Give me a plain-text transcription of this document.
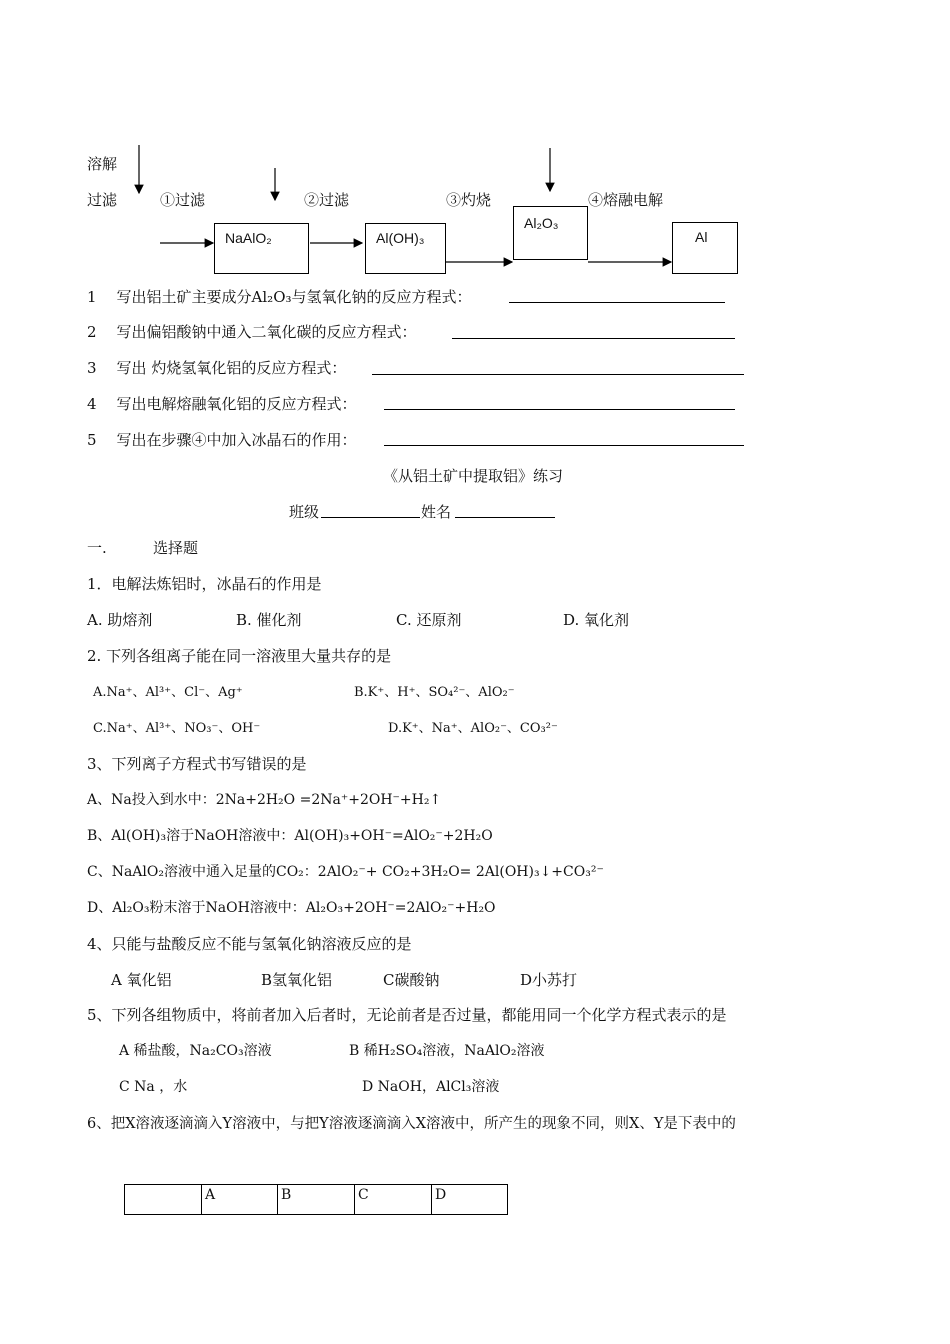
溶解
过滤	①过滤	②过滤	③灼烧	④熔融电解
NaAlO₂	Al(OH)₃
Al₂O₃
Al
1 写出铝土矿主要成分Al₂O₃与氢氧化钠的反应方程式：
2 写出偏铝酸钠中通入二氧化碳的反应方程式：
3 写出 灼烧氢氧化铝的反应方程式：
4 写出电解熔融氧化铝的反应方程式：
5 写出在步骤④中加入冰晶石的作用：
《从铝土矿中提取铝》练习
班级	姓名
一.	选择题
1．电解法炼铝时，冰晶石的作用是
A. 助熔剂	B. 催化剂	C. 还原剂	D. 氧化剂
2. 下列各组离子能在同一溶液里大量共存的是
A.Na⁺、Al³⁺、Cl⁻、Ag⁺	B.K⁺、H⁺、SO₄²⁻、AlO₂⁻
C.Na⁺、Al³⁺、NO₃⁻、OH⁻	D.K⁺、Na⁺、AlO₂⁻、CO₃²⁻
3、下列离子方程式书写错误的是
A、Na投入到水中：2Na+2H₂O =2Na⁺+2OH⁻+H₂↑
B、Al(OH)₃溶于NaOH溶液中：Al(OH)₃+OH⁻=AlO₂⁻+2H₂O
C、NaAlO₂溶液中通入足量的CO₂：2AlO₂⁻+ CO₂+3H₂O= 2Al(OH)₃↓+CO₃²⁻
D、Al₂O₃粉末溶于NaOH溶液中：Al₂O₃+2OH⁻=2AlO₂⁻+H₂O
4、只能与盐酸反应不能与氢氧化钠溶液反应的是
A 氧化铝	B氢氧化铝	C碳酸钠	D小苏打
5、下列各组物质中，将前者加入后者时，无论前者是否过量，都能用同一个化学方程式表示的是
A 稀盐酸，Na₂CO₃溶液	B 稀H₂SO₄溶液，NaAlO₂溶液
C Na ，水	D NaOH，AlCl₃溶液
6、把X溶液逐滴滴入Y溶液中，与把Y溶液逐滴滴入X溶液中，所产生的现象不同，则X、Y是下表中的
	A	B	C	D
